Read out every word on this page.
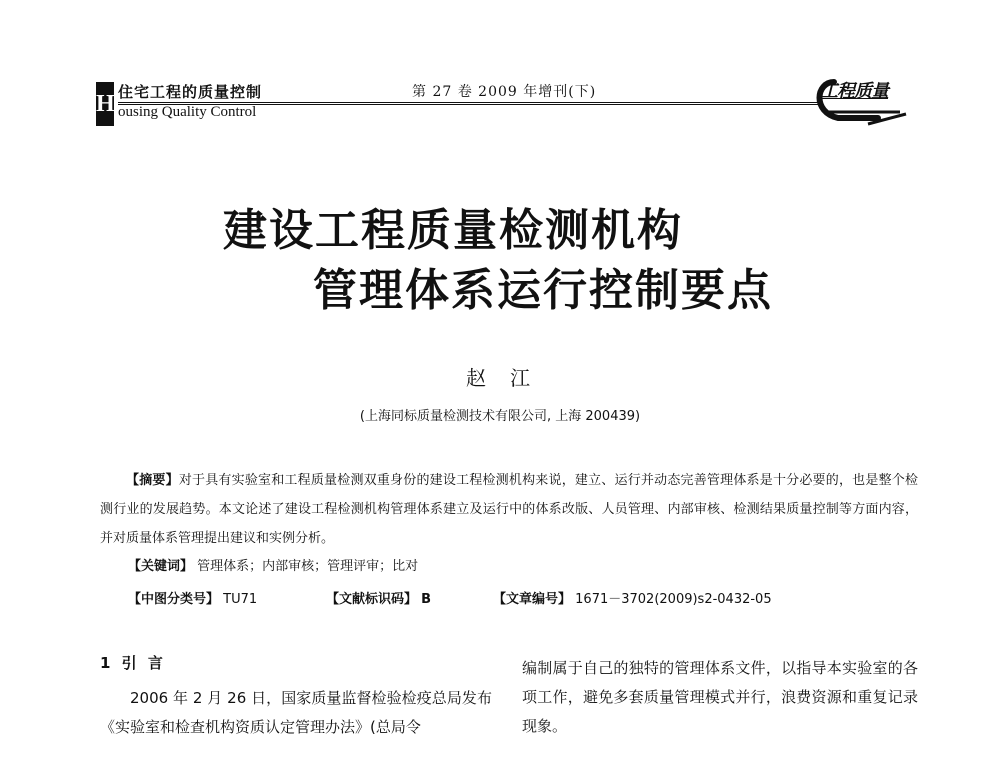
H 住宅工程的质量控制
ousing Quality Control
第 27 卷 2009 年增刊(下)	工程质量
建设工程质量检测机构
管理体系运行控制要点
赵江
(上海同标质量检测技术有限公司, 上海 200439)
【摘要】对于具有实验室和工程质量检测双重身份的建设工程检测机构来说，建立、运行并动态完善管理体系是十分必要的，也是整个检测行业的发展趋势。本文论述了建设工程检测机构管理体系建立及运行中的体系改版、人员管理、内部审核、检测结果质量控制等方面内容，并对质量体系管理提出建议和实例分析。
【关键词】 管理体系；内部审核；管理评审；比对
【中图分类号】 TU71	【文献标识码】 B	【文章编号】 1671－3702(2009)s2-0432-05
1 引 言
2006 年 2 月 26 日，国家质量监督检验检疫总局发布《实验室和检查机构资质认定管理办法》(总局令
编制属于自己的独特的管理体系文件，以指导本实验室的各项工作，避免多套质量管理模式并行，浪费资源和重复记录现象。
